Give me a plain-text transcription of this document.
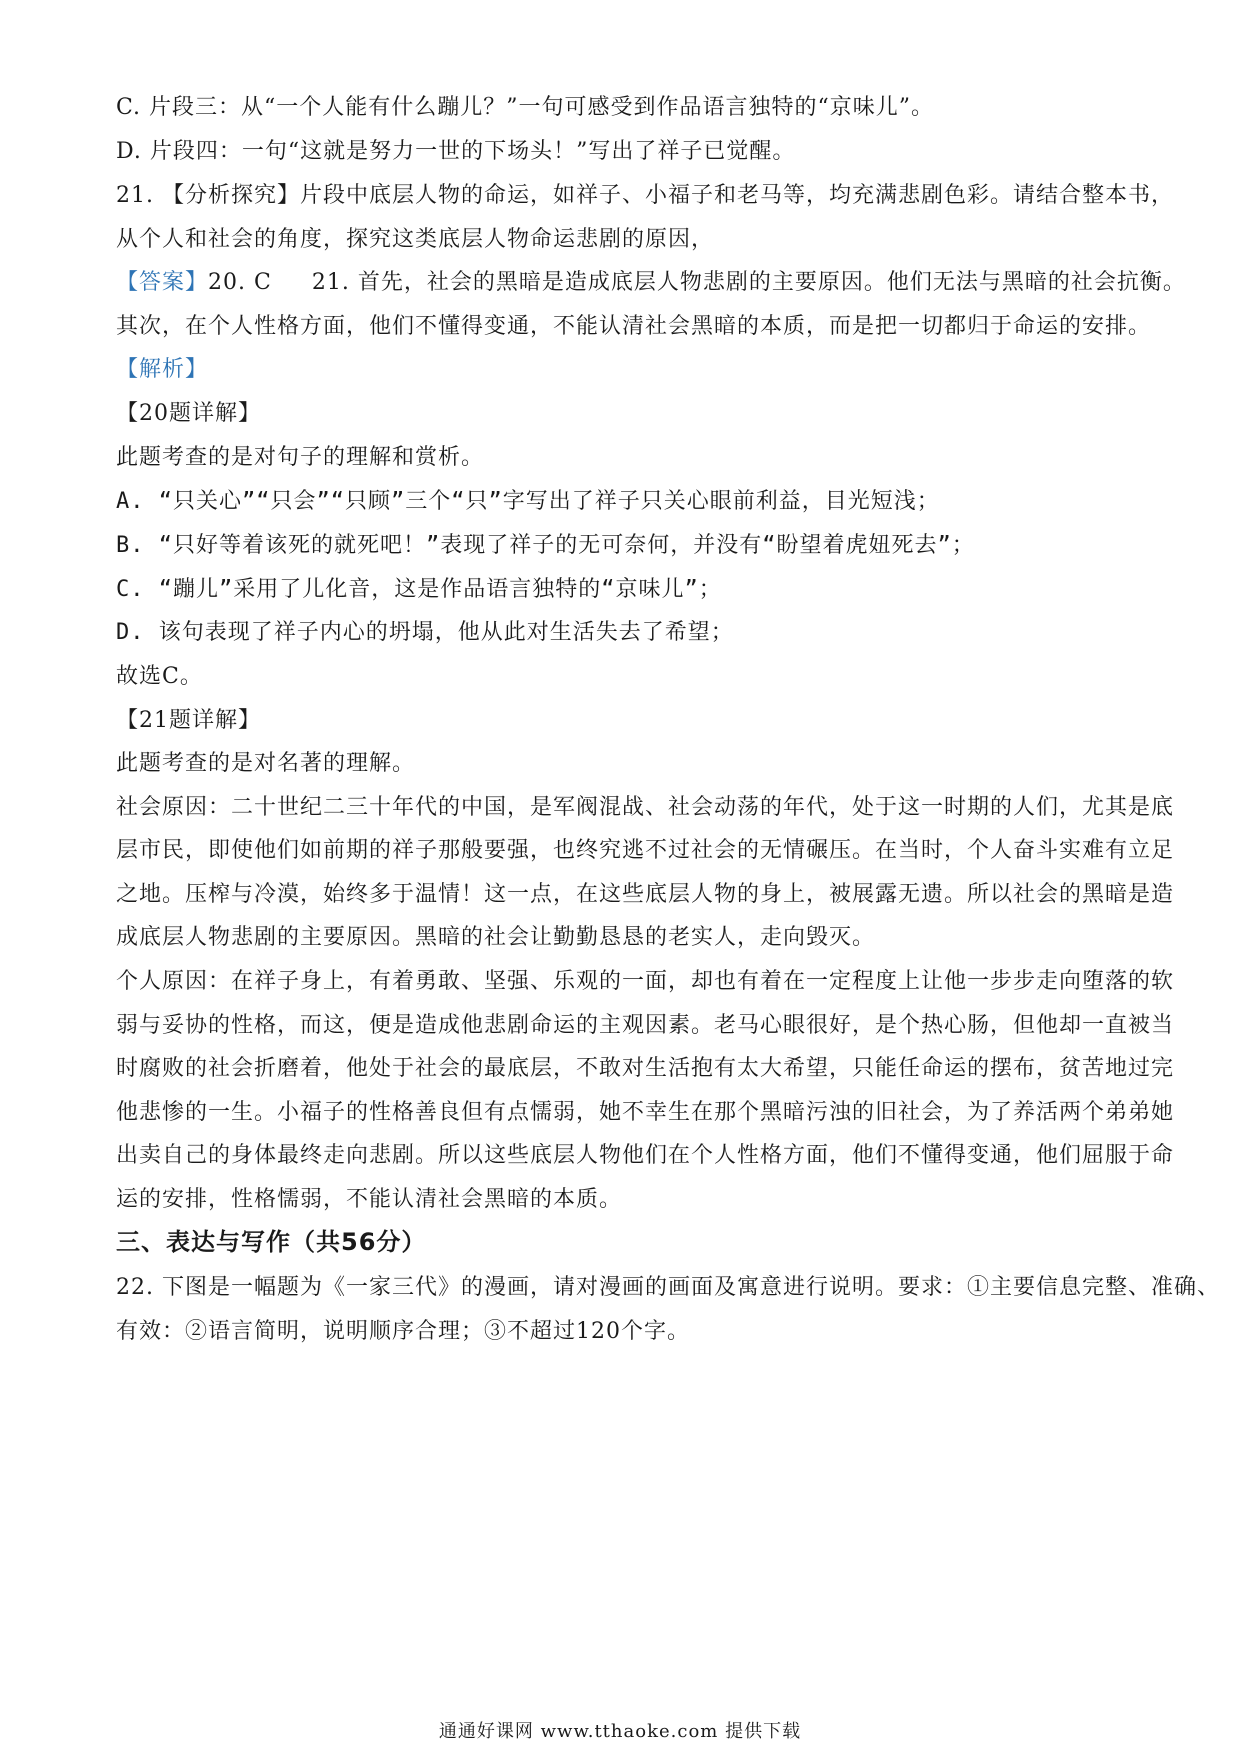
C. 片段三：从“一个人能有什么蹦儿？”一句可感受到作品语言独特的“京味儿”。
D. 片段四：一句“这就是努力一世的下场头！”写出了祥子已觉醒。
21. 【分析探究】片段中底层人物的命运，如祥子、小福子和老马等，均充满悲剧色彩。请结合整本书，
从个人和社会的角度，探究这类底层人物命运悲剧的原因，
【答案】20. C 21. 首先，社会的黑暗是造成底层人物悲剧的主要原因。他们无法与黑暗的社会抗衡。
其次，在个人性格方面，他们不懂得变通，不能认清社会黑暗的本质，而是把一切都归于命运的安排。
【解析】
【20题详解】
此题考查的是对句子的理解和赏析。
A. “只关心”“只会”“只顾”三个“只”字写出了祥子只关心眼前利益，目光短浅；
B. “只好等着该死的就死吧！”表现了祥子的无可奈何，并没有“盼望着虎妞死去”；
C. “蹦儿”采用了儿化音，这是作品语言独特的“京味儿”；
D. 该句表现了祥子内心的坍塌，他从此对生活失去了希望；
故选C。
【21题详解】
此题考查的是对名著的理解。
社会原因：二十世纪二三十年代的中国，是军阀混战、社会动荡的年代，处于这一时期的人们，尤其是底
层市民，即使他们如前期的祥子那般要强，也终究逃不过社会的无情碾压。在当时，个人奋斗实难有立足
之地。压榨与冷漠，始终多于温情！这一点，在这些底层人物的身上，被展露无遗。所以社会的黑暗是造
成底层人物悲剧的主要原因。黑暗的社会让勤勤恳恳的老实人，走向毁灭。
个人原因：在祥子身上，有着勇敢、坚强、乐观的一面，却也有着在一定程度上让他一步步走向堕落的软
弱与妥协的性格，而这，便是造成他悲剧命运的主观因素。老马心眼很好，是个热心肠，但他却一直被当
时腐败的社会折磨着，他处于社会的最底层，不敢对生活抱有太大希望，只能任命运的摆布，贫苦地过完
他悲惨的一生。小福子的性格善良但有点懦弱，她不幸生在那个黑暗污浊的旧社会，为了养活两个弟弟她
出卖自己的身体最终走向悲剧。所以这些底层人物他们在个人性格方面，他们不懂得变通，他们屈服于命
运的安排，性格懦弱，不能认清社会黑暗的本质。
三、表达与写作（共56分）
22. 下图是一幅题为《一家三代》的漫画，请对漫画的画面及寓意进行说明。要求：①主要信息完整、准确、
有效：②语言简明，说明顺序合理；③不超过120个字。
通通好课网 www.tthaoke.com 提供下载
